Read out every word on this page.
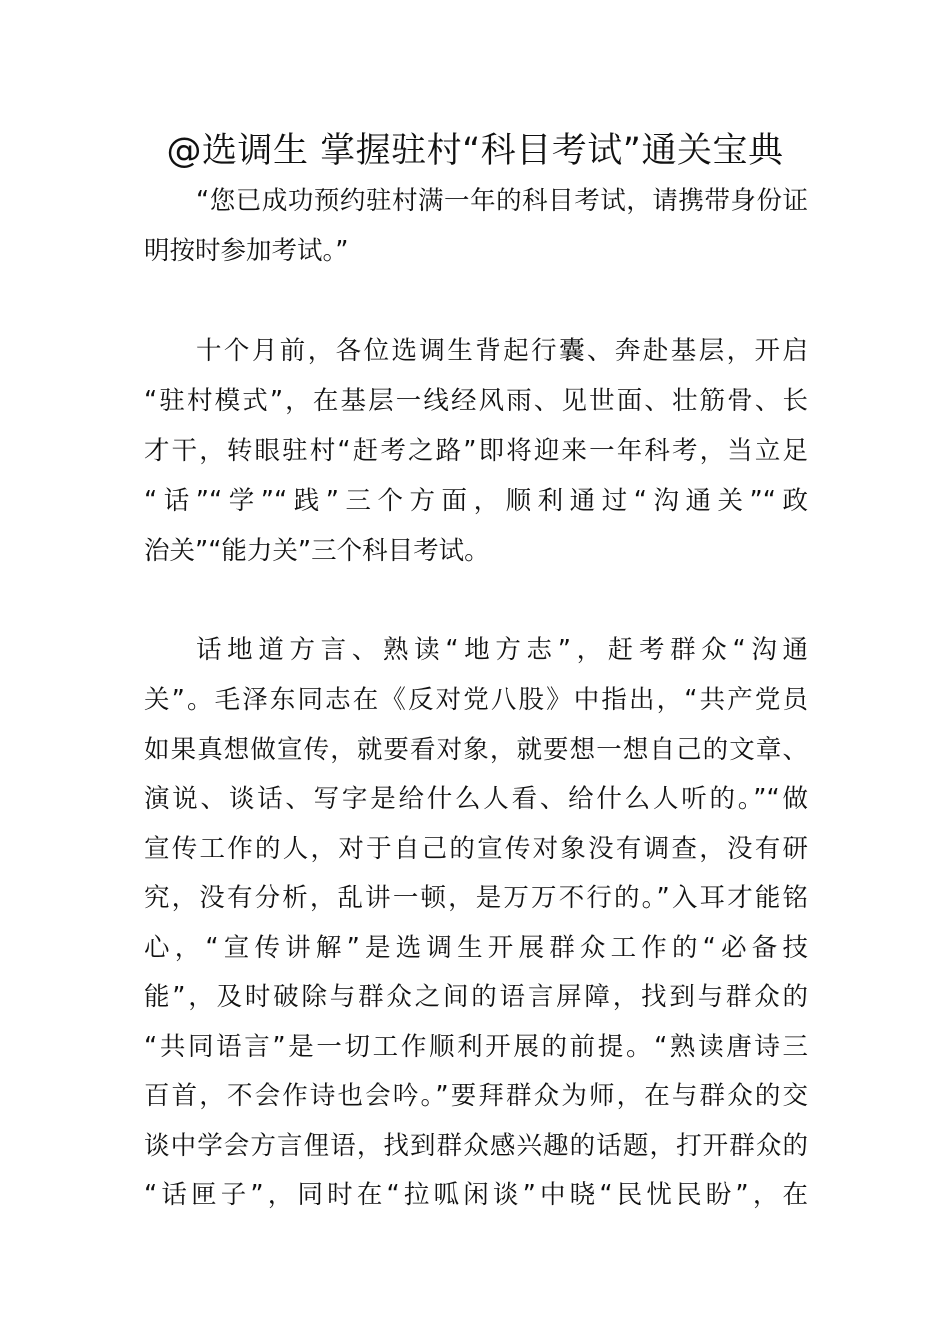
@选调生 掌握驻村“科目考试”通关宝典
“您已成功预约驻村满一年的科目考试，请携带身份证
明按时参加考试。”
十个月前，各位选调生背起行囊、奔赴基层，开启
“驻村模式”，在基层一线经风雨、见世面、壮筋骨、长
才干，转眼驻村“赶考之路”即将迎来一年科考，当立足
“话”“学”“践”三个方面，顺利通过“沟通关”“政
治关”“能力关”三个科目考试。
话地道方言、熟读“地方志”，赶考群众“沟通
关”。毛泽东同志在《反对党八股》中指出，“共产党员
如果真想做宣传，就要看对象，就要想一想自己的文章、
演说、谈话、写字是给什么人看、给什么人听的。”“做
宣传工作的人，对于自己的宣传对象没有调查，没有研
究，没有分析，乱讲一顿，是万万不行的。”入耳才能铭
心，“宣传讲解”是选调生开展群众工作的“必备技
能”，及时破除与群众之间的语言屏障，找到与群众的
“共同语言”是一切工作顺利开展的前提。“熟读唐诗三
百首，不会作诗也会吟。”要拜群众为师，在与群众的交
谈中学会方言俚语，找到群众感兴趣的话题，打开群众的
“话匣子”，同时在“拉呱闲谈”中晓“民忧民盼”，在
